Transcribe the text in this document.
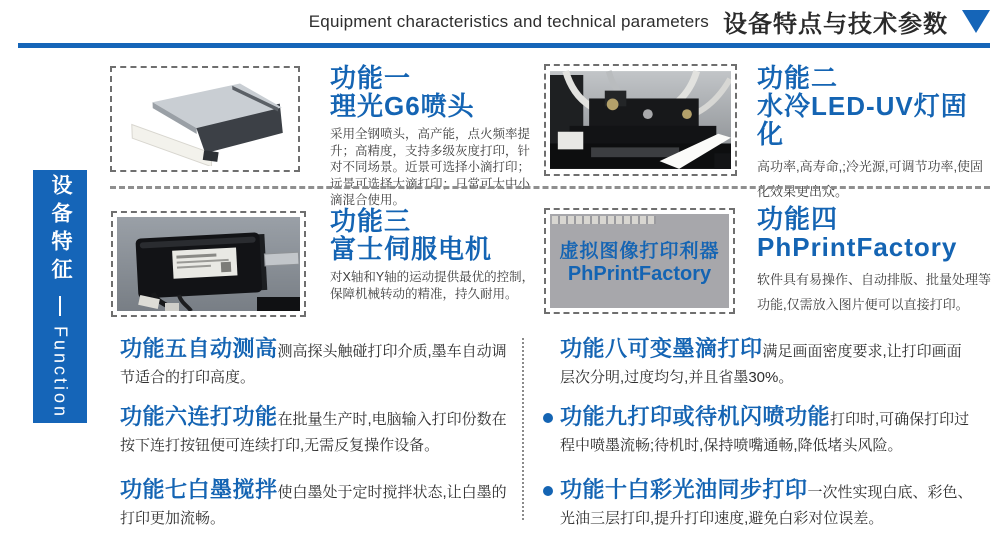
Equipment characteristics and technical parameters 设备特点与技术参数
设备特征
Function
功能一
理光G6喷头
采用全钢喷头，高产能，点火频率提升；高精度，支持多级灰度打印，针对不同场景。近景可选择小滴打印；远景可选择大滴打印；日常可大中小滴混合使用。
功能二
水冷LED-UV灯固化
高功率,高寿命,;冷光源,可调节功率,使固化效果更出众。
功能三
富士伺服电机
对X轴和Y轴的运动提供最优的控制，保障机械转动的精准，持久耐用。
虚拟图像打印利器
PhPrintFactory
功能四
PhPrintFactory
软件具有易操作、自动排版、批量处理等功能,仅需放入图片便可以直接打印。

功能五自动测高测高探头触碰打印介质,墨车自动调节适合的打印高度。

功能六连打功能在批量生产时,电脑输入打印份数在按下连打按钮便可连续打印,无需反复操作设备。

功能七白墨搅拌使白墨处于定时搅拌状态,让白墨的打印更加流畅。

功能八可变墨滴打印满足画面密度要求,让打印画面层次分明,过度均匀,并且省墨30%。

功能九打印或待机闪喷功能打印时,可确保打印过程中喷墨流畅;待机时,保持喷嘴通畅,降低堵头风险。

功能十白彩光油同步打印一次性实现白底、彩色、光油三层打印,提升打印速度,避免白彩对位误差。
